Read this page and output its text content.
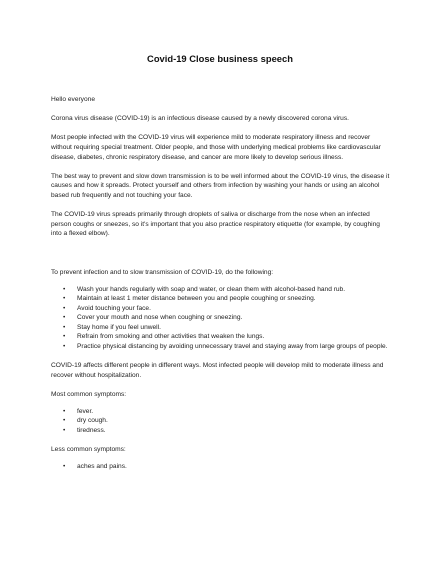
Covid-19 Close business speech

Hello everyone

Corona virus disease (COVID-19) is an infectious disease caused by a newly discovered corona virus.

Most people infected with the COVID-19 virus will experience mild to moderate respiratory illness and recover without requiring special treatment. Older people, and those with underlying medical problems like cardiovascular disease, diabetes, chronic respiratory disease, and cancer are more likely to develop serious illness.

The best way to prevent and slow down transmission is to be well informed about the COVID-19 virus, the disease it causes and how it spreads. Protect yourself and others from infection by washing your hands or using an alcohol based rub frequently and not touching your face.

The COVID-19 virus spreads primarily through droplets of saliva or discharge from the nose when an infected person coughs or sneezes, so it's important that you also practice respiratory etiquette (for example, by coughing into a flexed elbow).

To prevent infection and to slow transmission of COVID-19, do the following:

•	Wash your hands regularly with soap and water, or clean them with alcohol-based hand rub.
•	Maintain at least 1 meter distance between you and people coughing or sneezing.
•	Avoid touching your face.
•	Cover your mouth and nose when coughing or sneezing.
•	Stay home if you feel unwell.
•	Refrain from smoking and other activities that weaken the lungs.
•	Practice physical distancing by avoiding unnecessary travel and staying away from large groups of people.

COVID-19 affects different people in different ways. Most infected people will develop mild to moderate illness and recover without hospitalization.

Most common symptoms:

•	fever.
•	dry cough.
•	tiredness.

Less common symptoms:

•	aches and pains.
